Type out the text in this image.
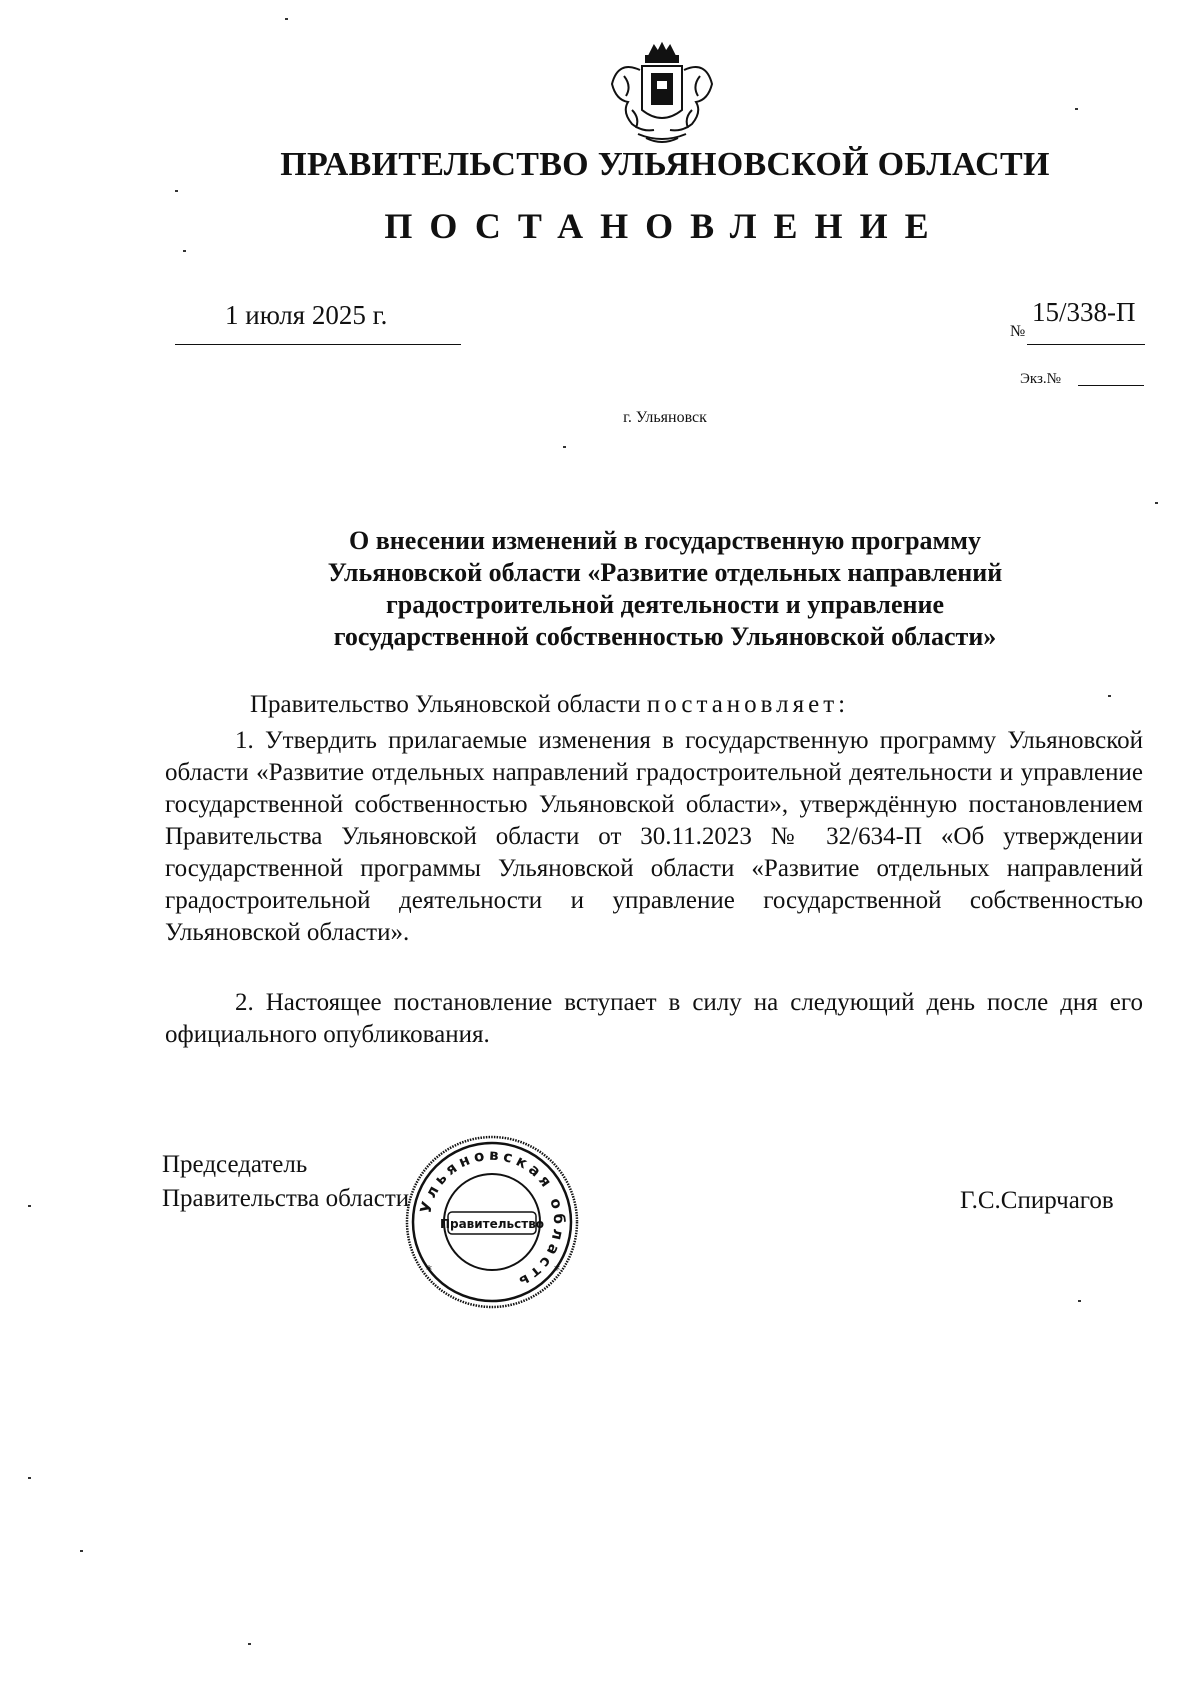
ПРАВИТЕЛЬСТВО УЛЬЯНОВСКОЙ ОБЛАСТИ
ПОСТАНОВЛЕНИЕ
1 июля 2025 г.
№
15/338-П
Экз.№
г. Ульяновск
О внесении изменений в государственную программу
Ульяновской области «Развитие отдельных направлений
градостроительной деятельности и управление
государственной собственностью Ульяновской области»
Правительство Ульяновской области постановляет:
1. Утвердить прилагаемые изменения в государственную программу Ульяновской области «Развитие отдельных направлений градостроительной деятельности и управление государственной собственностью Ульяновской области», утверждённую постановлением Правительства Ульяновской области от 30.11.2023 № 32/634-П «Об утверждении государственной программы Ульяновской области «Развитие отдельных направлений градостроительной деятельности и управление государственной собственностью Ульяновской области».
2. Настоящее постановление вступает в силу на следующий день после дня его официального опубликования.
Председатель
Правительства области	Г.С.Спирчагов
Ульяновская область
*
*
Правительство
